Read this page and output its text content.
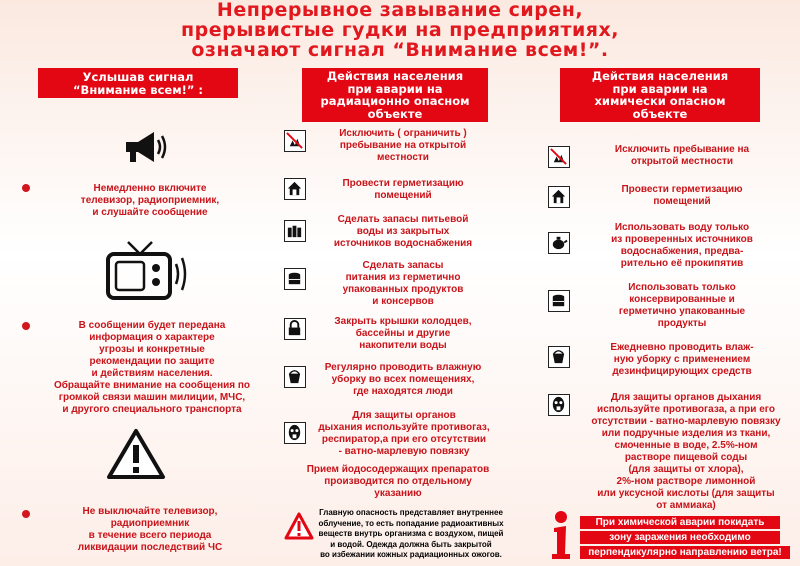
Непрерывное завывание сирен,
прерывистые гудки на предприятиях,
означают сигнал “Внимание всем!”.
Услышав сигнал
“Внимание всем!” :
Немедленно включите
телевизор, радиоприемник,
и слушайте сообщение
В сообщении будет передана
информация о характере
угрозы и конкретные
рекомендации по защите
и действиям населения.
Обращайте внимание на сообщения по
громкой связи машин милиции, МЧС,
и другого специального транспорта
Не выключайте телевизор,
радиоприемник
в течение всего периода
ликвидации последствий ЧС
Действия населения
при аварии на
радиационно опасном
объекте
Исключить ( ограничить )
пребывание на открытой
местности
Провести герметизацию
помещений
Сделать запасы питьевой
воды из закрытых
источников водоснабжения
Сделать запасы
питания из герметично
упакованных продуктов
и консервов
Закрыть крышки колодцев,
бассейны и другие
накопители воды
Регулярно проводить влажную
уборку во всех помещениях,
где находятся люди
Для защиты органов
дыхания используйте противогаз,
респиратор,а при его отсутствии
- ватно-марлевую повязку
Прием йодосодержащих препаратов
производится по отдельному
указанию
Главную опасность представляет внутреннее
облучение, то есть попадание радиоактивных
веществ внутрь организма с воздухом, пищей
и водой. Одежда должна быть закрытой
во избежании кожных радиационных ожогов.
Действия населения
при аварии на
химически опасном
объекте
Исключить пребывание на
открытой местности
Провести герметизацию
помещений
Использовать воду только
из проверенных источников
водоснабжения, предва-
рительно её прокипятив
Использовать только
консервированные и
герметично упакованные
продукты
Ежедневно проводить влаж-
ную уборку с применением
дезинфицирующих средств
Для защиты органов дыхания
используйте противогаза, а при его
отсутствии - ватно-марлевую повязку
или подручные изделия из ткани,
смоченные в воде, 2.5%-ном
растворе пищевой соды
(для защиты от хлора),
2%-ном растворе лимонной
или уксусной кислоты (для защиты
от аммиака)
При химической аварии покидать
зону заражения необходимо
перпендикулярно направлению ветра!
